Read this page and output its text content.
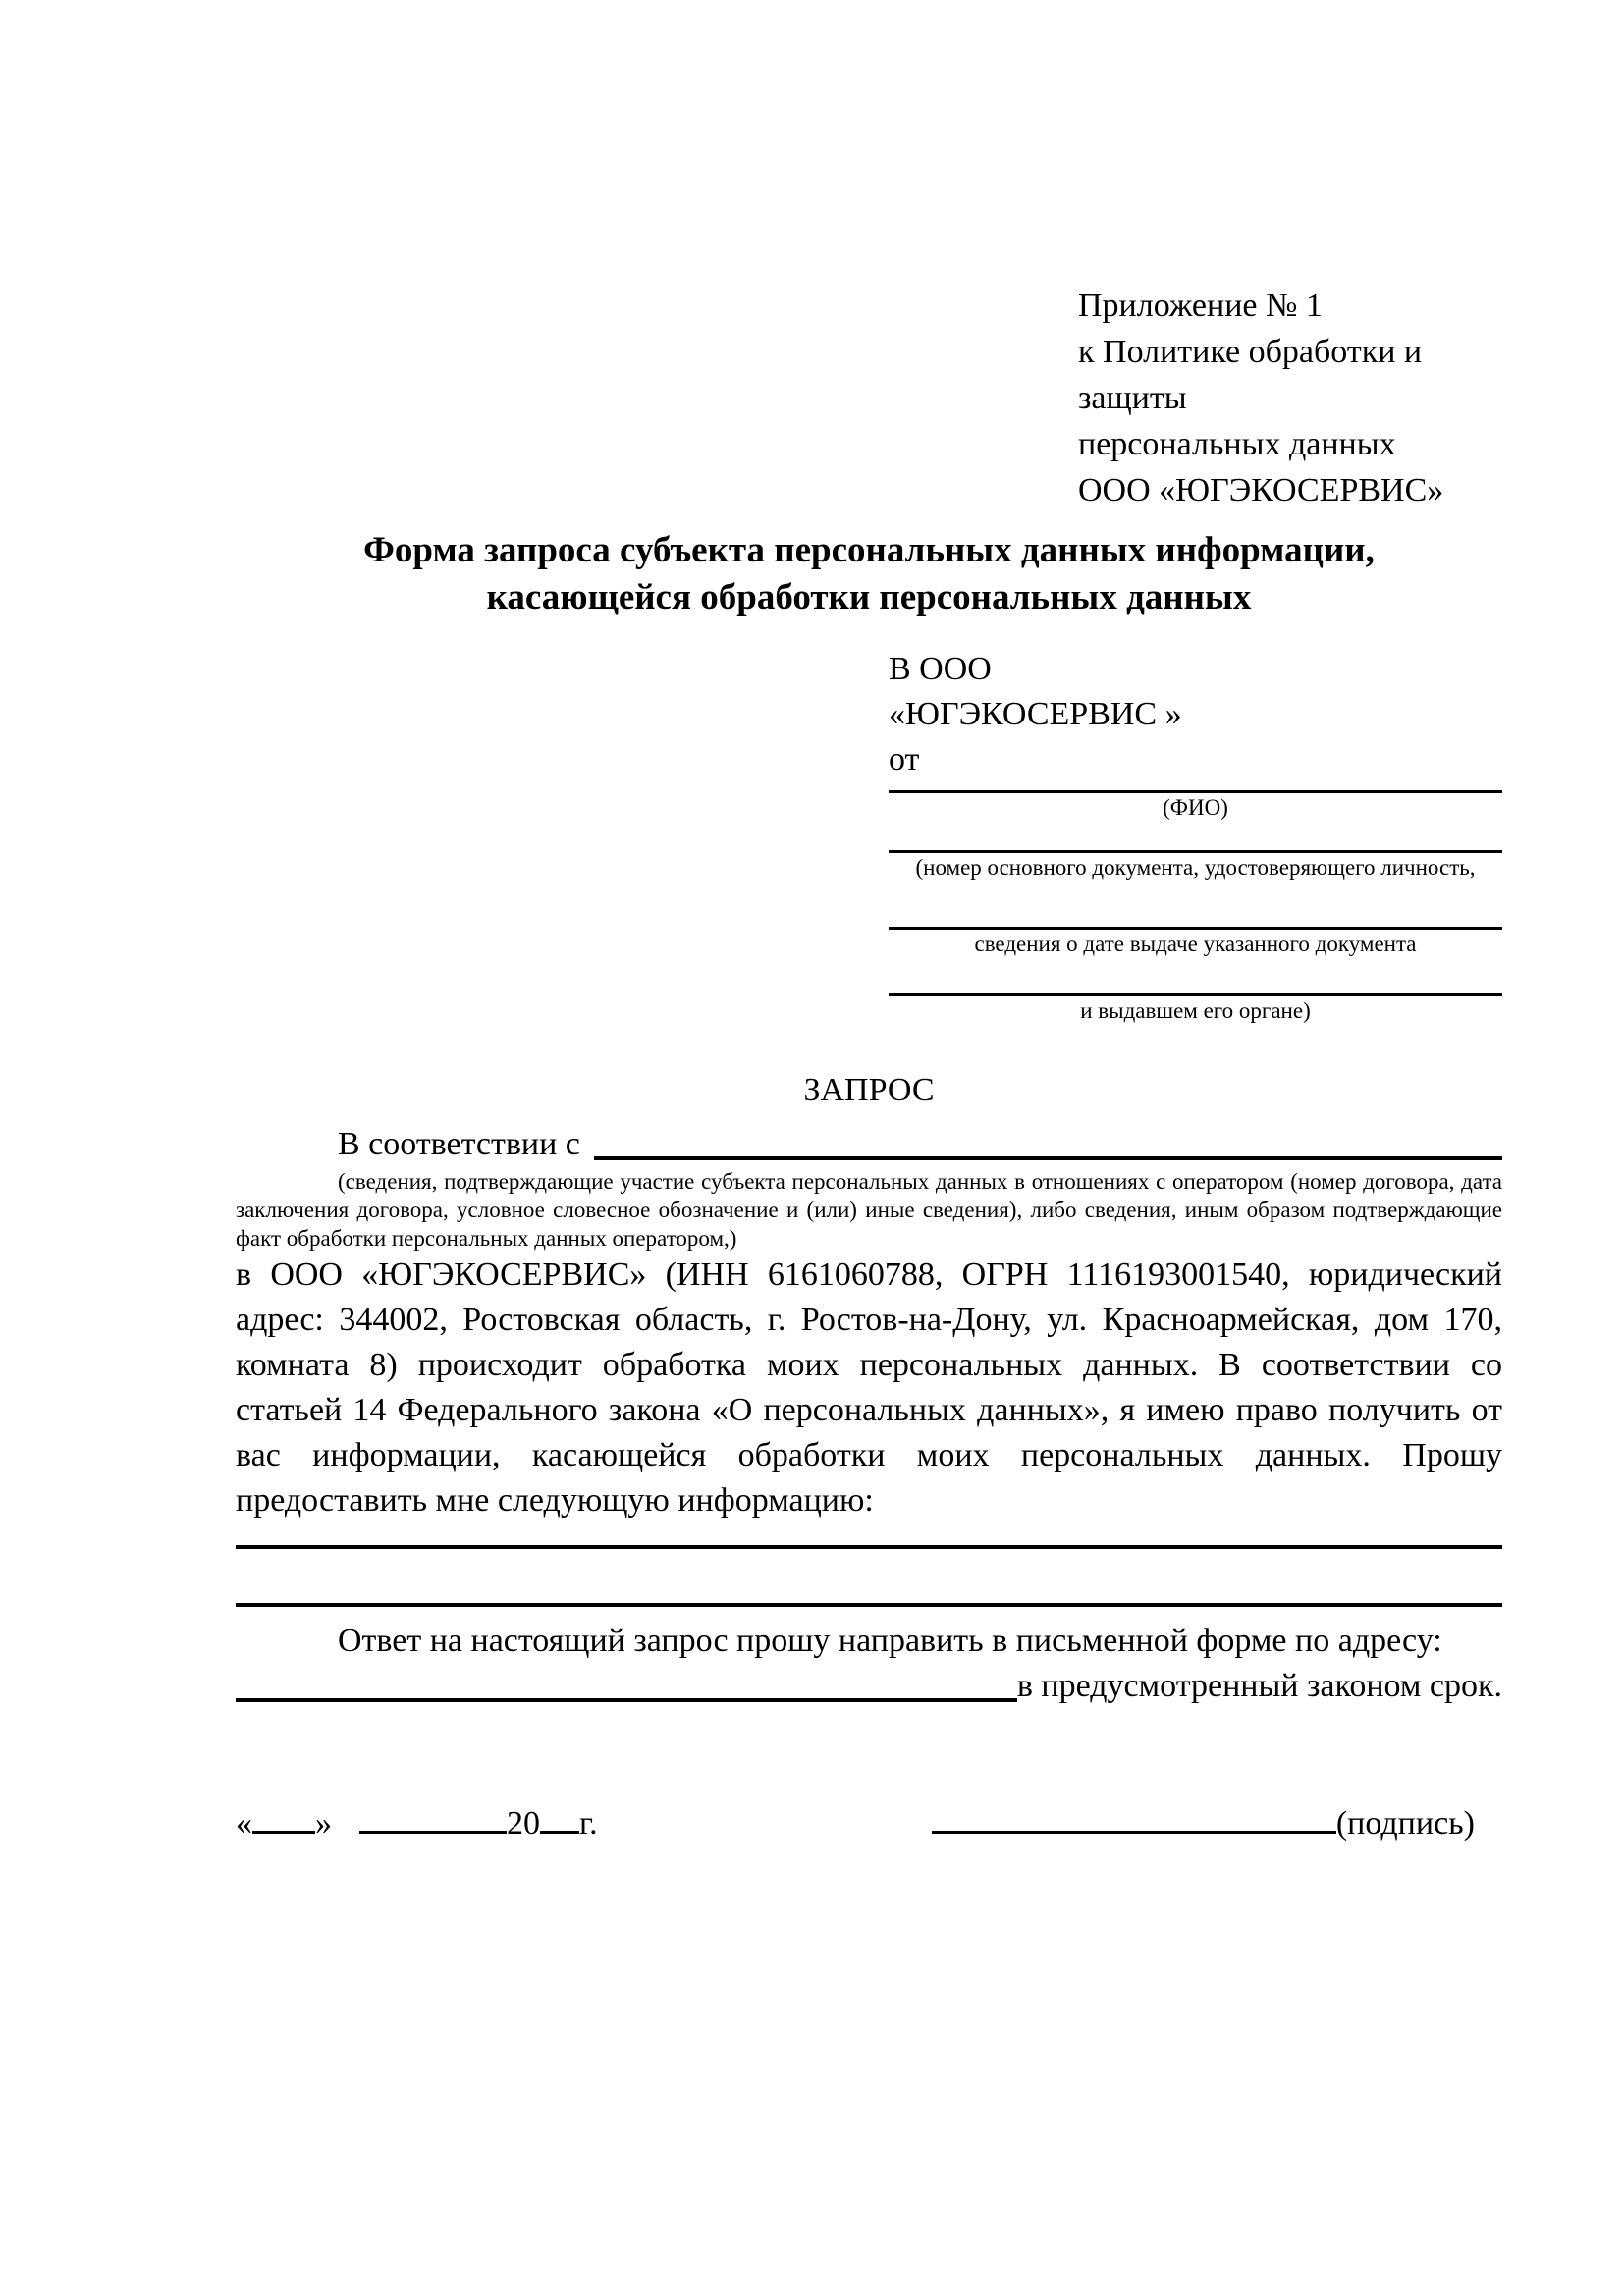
Приложение № 1
к Политике обработки и защиты
персональных данных
ООО «ЮГЭКОСЕРВИС»
Форма запроса субъекта персональных данных информации,
касающейся обработки персональных данных
В ООО
«ЮГЭКОСЕРВИС »
от
(ФИО)
(номер основного документа, удостоверяющего личность,
сведения о дате выдаче указанного документа
и выдавшем его органе)
ЗАПРОС
В соответствии с
(сведения, подтверждающие участие субъекта персональных данных в отношениях с оператором (номер договора, дата заключения договора, условное словесное обозначение и (или) иные сведения), либо сведения, иным образом подтверждающие факт обработки персональных данных оператором,)
в ООО «ЮГЭКОСЕРВИС» (ИНН 6161060788, ОГРН 1116193001540, юридический адрес: 344002, Ростовская область, г. Ростов-на-Дону, ул. Красноармейская, дом 170, комната 8) происходит обработка моих персональных данных. В соответствии со статьей 14 Федерального закона «О персональных данных», я имею право получить от вас информации, касающейся обработки моих персональных данных. Прошу предоставить мне следующую информацию:
Ответ на настоящий запрос прошу направить в письменной форме по адресу:
в предусмотренный законом срок.
« »	20 г.	(подпись)
